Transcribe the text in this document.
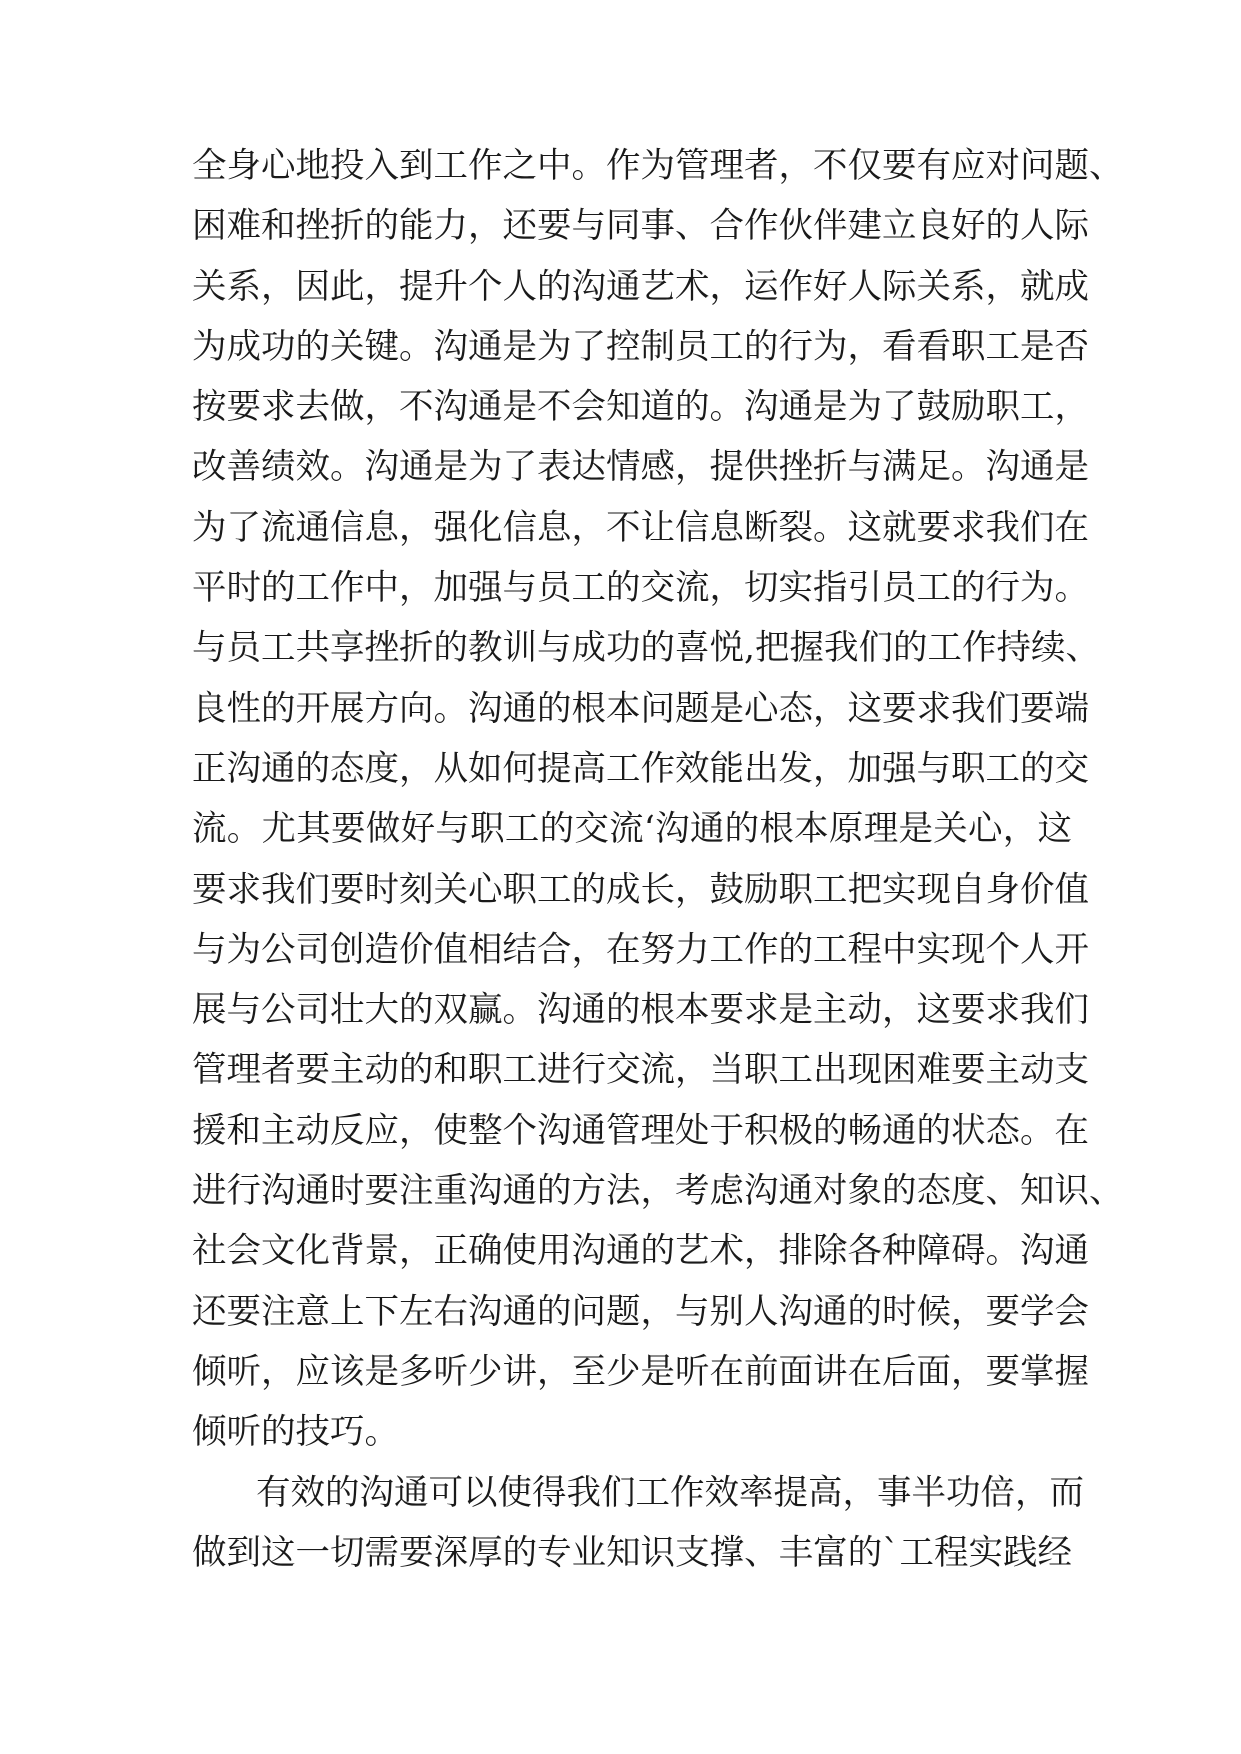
全身心地投入到工作之中。作为管理者，不仅要有应对问题、
困难和挫折的能力，还要与同事、合作伙伴建立良好的人际
关系，因此，提升个人的沟通艺术，运作好人际关系，就成
为成功的关键。沟通是为了控制员工的行为，看看职工是否
按要求去做，不沟通是不会知道的。沟通是为了鼓励职工，
改善绩效。沟通是为了表达情感，提供挫折与满足。沟通是
为了流通信息，强化信息，不让信息断裂。这就要求我们在
平时的工作中，加强与员工的交流，切实指引员工的行为。
与员工共享挫折的教训与成功的喜悦,把握我们的工作持续、
良性的开展方向。沟通的根本问题是心态，这要求我们要端
正沟通的态度，从如何提高工作效能出发，加强与职工的交
流。尤其要做好与职工的交流‘沟通的根本原理是关心，这
要求我们要时刻关心职工的成长，鼓励职工把实现自身价值
与为公司创造价值相结合，在努力工作的工程中实现个人开
展与公司壮大的双赢。沟通的根本要求是主动，这要求我们
管理者要主动的和职工进行交流，当职工出现困难要主动支
援和主动反应，使整个沟通管理处于积极的畅通的状态。在
进行沟通时要注重沟通的方法，考虑沟通对象的态度、知识、
社会文化背景，正确使用沟通的艺术，排除各种障碍。沟通
还要注意上下左右沟通的问题，与别人沟通的时候，要学会
倾听，应该是多听少讲，至少是听在前面讲在后面，要掌握
倾听的技巧。
有效的沟通可以使得我们工作效率提高，事半功倍，而
做到这一切需要深厚的专业知识支撑、丰富的`工程实践经
